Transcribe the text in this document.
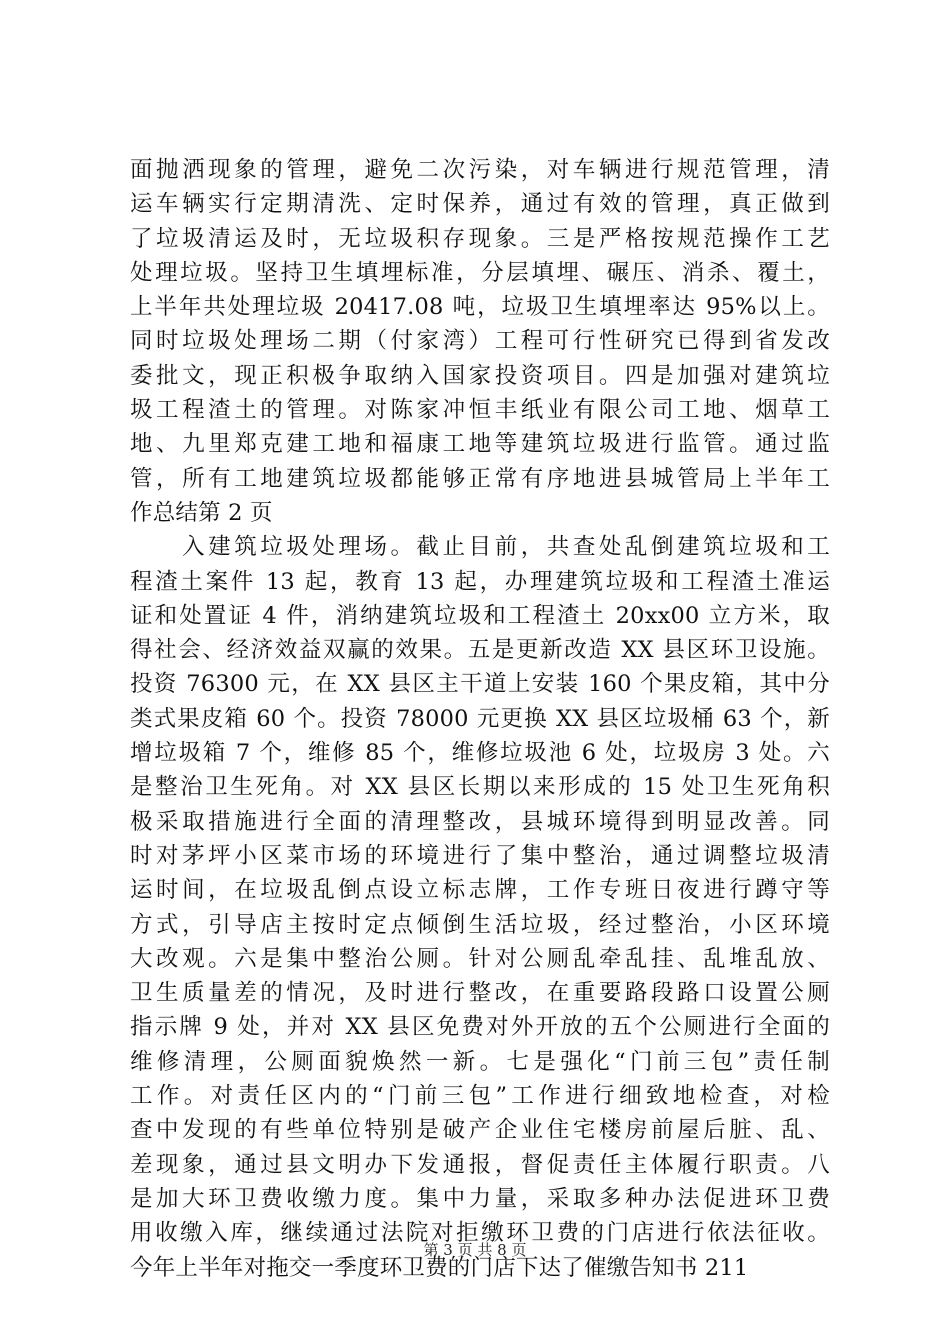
面抛洒现象的管理，避免二次污染，对车辆进行规范管理，清
运车辆实行定期清洗、定时保养，通过有效的管理，真正做到
了垃圾清运及时，无垃圾积存现象。三是严格按规范操作工艺
处理垃圾。坚持卫生填埋标准，分层填埋、碾压、消杀、覆土，
上半年共处理垃圾 20417.08 吨，垃圾卫生填埋率达 95%以上。
同时垃圾处理场二期（付家湾）工程可行性研究已得到省发改
委批文，现正积极争取纳入国家投资项目。四是加强对建筑垃
圾工程渣土的管理。对陈家冲恒丰纸业有限公司工地、烟草工
地、九里郑克建工地和福康工地等建筑垃圾进行监管。通过监
管，所有工地建筑垃圾都能够正常有序地进县城管局上半年工
作总结第 2 页
　　入建筑垃圾处理场。截止目前，共查处乱倒建筑垃圾和工
程渣土案件 13 起，教育 13 起，办理建筑垃圾和工程渣土准运
证和处置证 4 件，消纳建筑垃圾和工程渣土 20xx00 立方米，取
得社会、经济效益双赢的效果。五是更新改造 XX 县区环卫设施。
投资 76300 元，在 XX 县区主干道上安装 160 个果皮箱，其中分
类式果皮箱 60 个。投资 78000 元更换 XX 县区垃圾桶 63 个，新
增垃圾箱 7 个，维修 85 个，维修垃圾池 6 处，垃圾房 3 处。六
是整治卫生死角。对 XX 县区长期以来形成的 15 处卫生死角积
极采取措施进行全面的清理整改，县城环境得到明显改善。同
时对茅坪小区菜市场的环境进行了集中整治，通过调整垃圾清
运时间，在垃圾乱倒点设立标志牌，工作专班日夜进行蹲守等
方式，引导店主按时定点倾倒生活垃圾，经过整治，小区环境
大改观。六是集中整治公厕。针对公厕乱牵乱挂、乱堆乱放、
卫生质量差的情况，及时进行整改，在重要路段路口设置公厕
指示牌 9 处，并对 XX 县区免费对外开放的五个公厕进行全面的
维修清理，公厕面貌焕然一新。七是强化“门前三包”责任制
工作。对责任区内的“门前三包”工作进行细致地检查，对检
查中发现的有些单位特别是破产企业住宅楼房前屋后脏、乱、
差现象，通过县文明办下发通报，督促责任主体履行职责。八
是加大环卫费收缴力度。集中力量，采取多种办法促进环卫费
用收缴入库，继续通过法院对拒缴环卫费的门店进行依法征收。
今年上半年对拖交一季度环卫费的门店下达了催缴告知书 211
第 3 页 共 8 页
